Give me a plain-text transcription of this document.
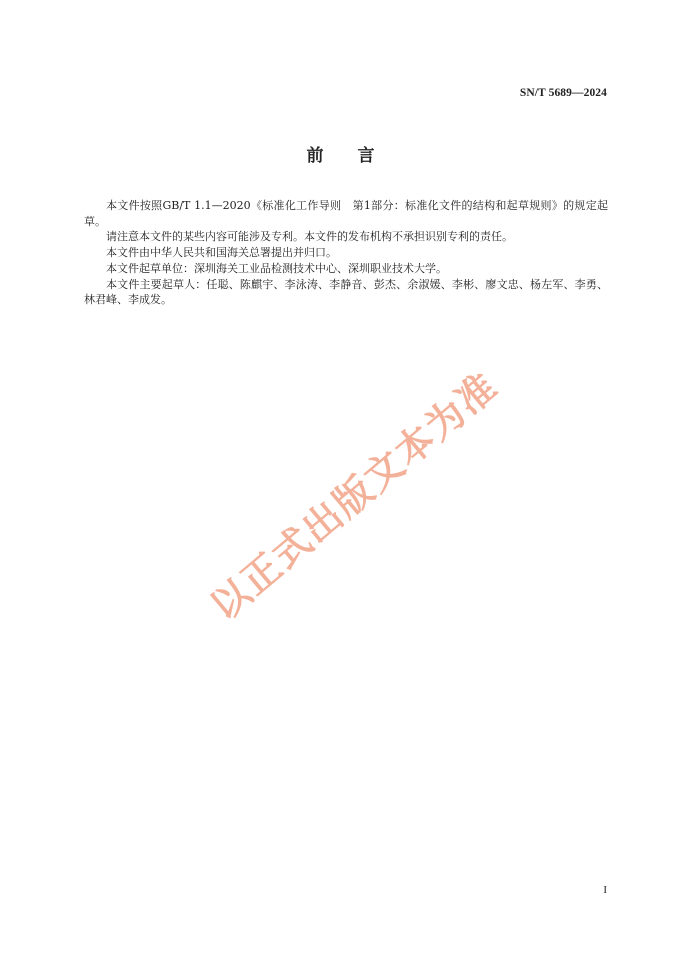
SN/T 5689—2024
前 言

本文件按照GB/T 1.1—2020《标准化工作导则　第1部分：标准化文件的结构和起草规则》的规定起草。

请注意本文件的某些内容可能涉及专利。本文件的发布机构不承担识别专利的责任。

本文件由中华人民共和国海关总署提出并归口。

本文件起草单位：深圳海关工业品检测技术中心、深圳职业技术大学。

本文件主要起草人：任聪、陈麒宇、李泳涛、李静音、彭杰、余淑媛、李彬、廖文忠、杨左军、李勇、林君峰、李成发。

以正式出版文本为准
I
